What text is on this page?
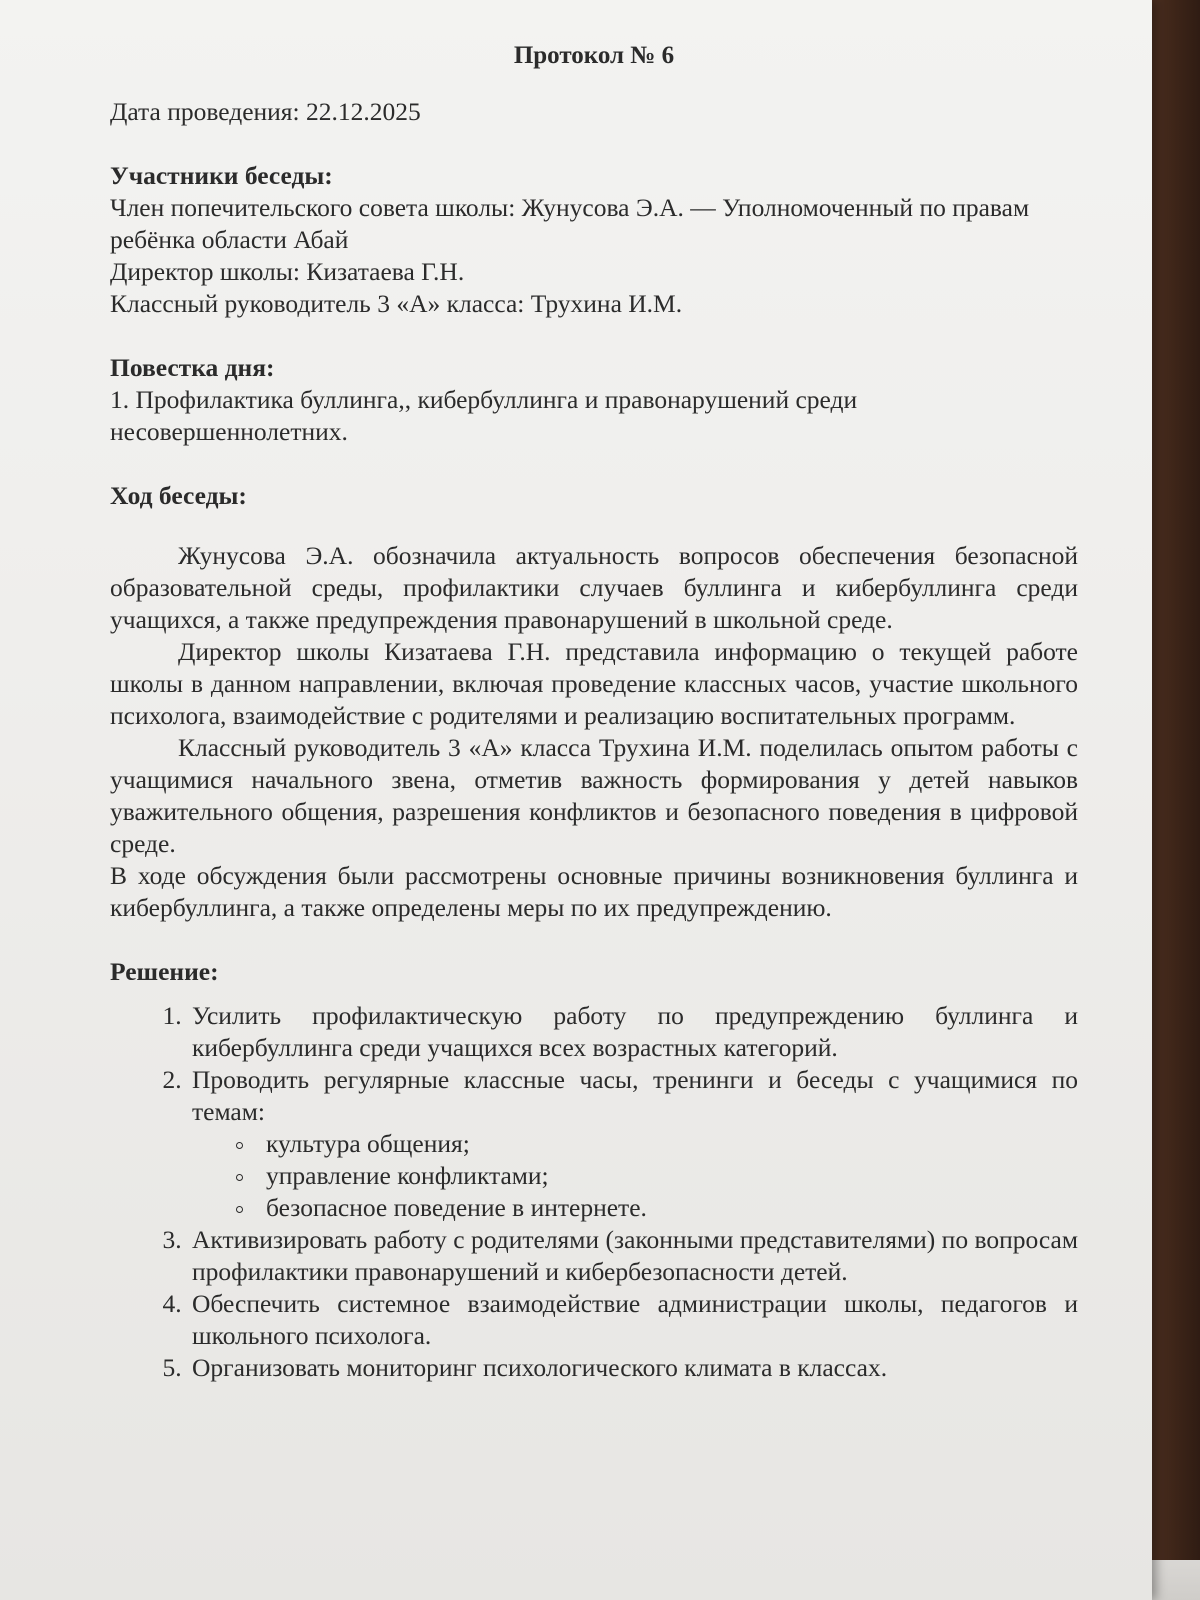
Протокол № 6

Дата проведения: 22.12.2025

Участники беседы:

Член попечительского совета школы: Жунусова Э.А. — Уполномоченный по правам ребёнка области Абай

Директор школы: Кизатаева Г.Н.

Классный руководитель 3 «А» класса: Трухина И.М.

Повестка дня:

1. Профилактика буллинга,, кибербуллинга и правонарушений среди несовершеннолетних.

Ход беседы:

Жунусова Э.А. обозначила актуальность вопросов обеспечения безопасной образовательной среды, профилактики случаев буллинга и кибербуллинга среди учащихся, а также предупреждения правонарушений в школьной среде.

Директор школы Кизатаева Г.Н. представила информацию о текущей работе школы в данном направлении, включая проведение классных часов, участие школьного психолога, взаимодействие с родителями и реализацию воспитательных программ.

Классный руководитель 3 «А» класса Трухина И.М. поделилась опытом работы с учащимися начального звена, отметив важность формирования у детей навыков уважительного общения, разрешения конфликтов и безопасного поведения в цифровой среде.

В ходе обсуждения были рассмотрены основные причины возникновения буллинга и кибербуллинга, а также определены меры по их предупреждению.

Решение:

1. Усилить профилактическую работу по предупреждению буллинга и кибербуллинга среди учащихся всех возрастных категорий.
2. Проводить регулярные классные часы, тренинги и беседы с учащимися по темам:
культура общения;
управление конфликтами;
безопасное поведение в интернете.
3. Активизировать работу с родителями (законными представителями) по вопросам профилактики правонарушений и кибербезопасности детей.
4. Обеспечить системное взаимодействие администрации школы, педагогов и школьного психолога.
5. Организовать мониторинг психологического климата в классах.
